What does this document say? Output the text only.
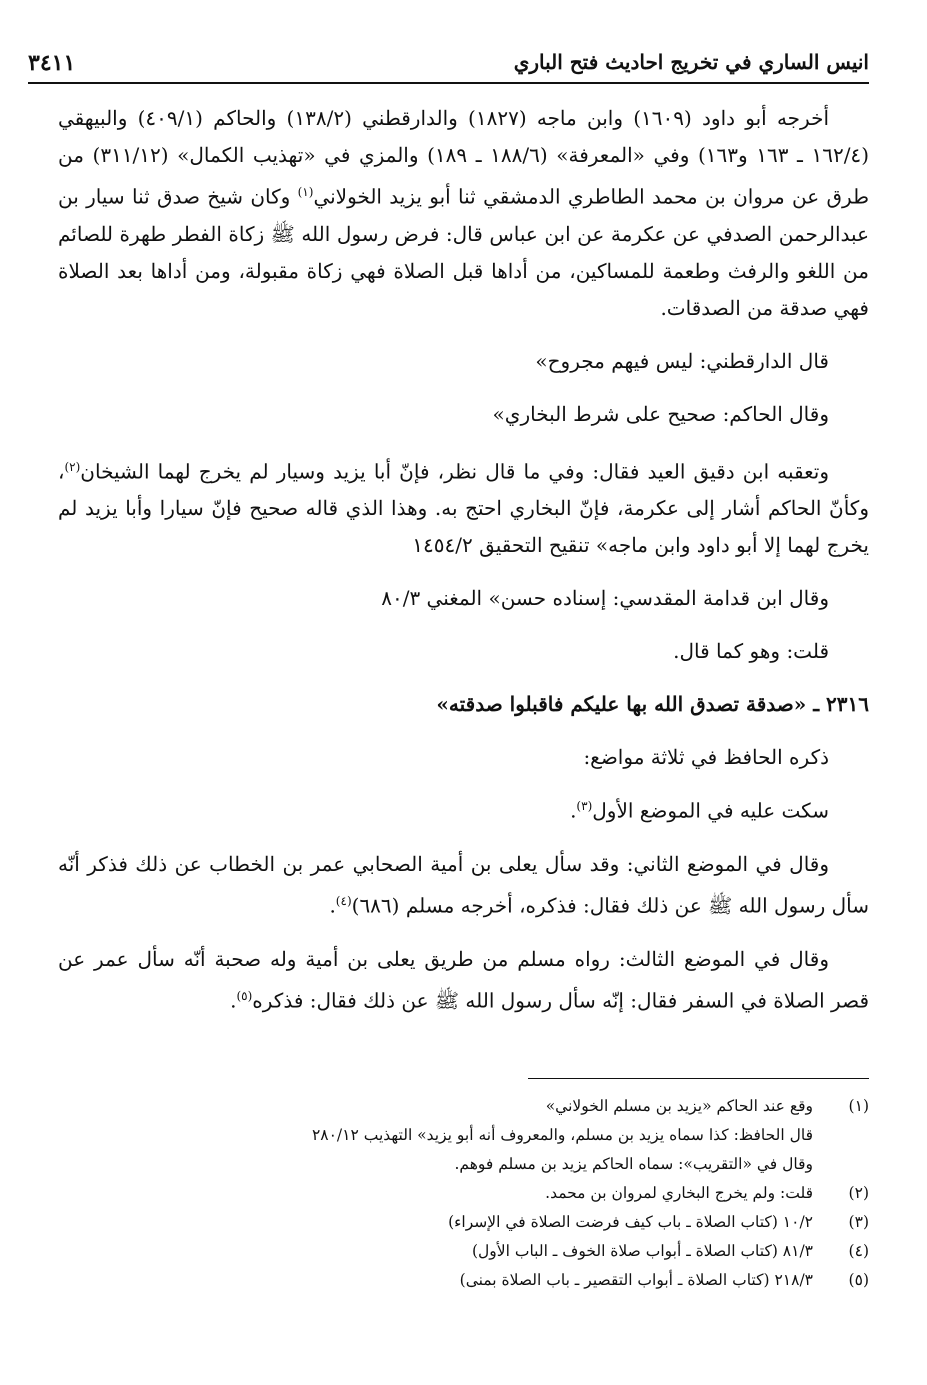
انيس الساري في تخريج احاديث فتح الباري
٣٤١١

أخرجه أبو داود (١٦٠٩) وابن ماجه (١٨٢٧) والدارقطني (١٣٨/٢) والحاكم (٤٠٩/١) والبيهقي (١٦٢/٤ ـ ١٦٣ و١٦٣) وفي «المعرفة» (١٨٨/٦ ـ ١٨٩) والمزي في «تهذيب الكمال» (٣١١/١٢) من طرق عن مروان بن محمد الطاطري الدمشقي ثنا أبو يزيد الخولاني$^{(١)}$ وكان شيخ صدق ثنا سيار بن عبدالرحمن الصدفي عن عكرمة عن ابن عباس قال: فرض رسول الله ﷺ زكاة الفطر طهرة للصائم من اللغو والرفث وطعمة للمساكين، من أداها قبل الصلاة فهي زكاة مقبولة، ومن أداها بعد الصلاة فهي صدقة من الصدقات.

قال الدارقطني: ليس فيهم مجروح»

وقال الحاكم: صحيح على شرط البخاري»

وتعقبه ابن دقيق العيد فقال: وفي ما قال نظر، فإنّ أبا يزيد وسيار لم يخرج لهما الشيخان$^{(٢)}$، وكأنّ الحاكم أشار إلى عكرمة، فإنّ البخاري احتج به. وهذا الذي قاله صحيح فإنّ سيارا وأبا يزيد لم يخرج لهما إلا أبو داود وابن ماجه» تنقيح التحقيق ١٤٥٤/٢

وقال ابن قدامة المقدسي: إسناده حسن» المغني ٨٠/٣

قلت: وهو كما قال.

٢٣١٦ ـ «صدقة تصدق الله بها عليكم فاقبلوا صدقته»

ذكره الحافظ في ثلاثة مواضع:

سكت عليه في الموضع الأول$^{(٣)}$.

وقال في الموضع الثاني: وقد سأل يعلى بن أمية الصحابي عمر بن الخطاب عن ذلك فذكر أنّه سأل رسول الله ﷺ عن ذلك فقال: فذكره، أخرجه مسلم (٦٨٦)$^{(٤)}$.

وقال في الموضع الثالث: رواه مسلم من طريق يعلى بن أمية وله صحبة أنّه سأل عمر عن قصر الصلاة في السفر فقال: إنّه سأل رسول الله ﷺ عن ذلك فقال: فذكره$^{(٥)}$.

(١)
وقع عند الحاكم «يزيد بن مسلم الخولاني»
قال الحافظ: كذا سماه يزيد بن مسلم، والمعروف أنه أبو يزيد» التهذيب ٢٨٠/١٢
وقال في «التقريب»: سماه الحاكم يزيد بن مسلم فوهم.
(٢)
قلت: ولم يخرج البخاري لمروان بن محمد.
(٣)
١٠/٢ (كتاب الصلاة ـ باب كيف فرضت الصلاة في الإسراء)
(٤)
٨١/٣ (كتاب الصلاة ـ أبواب صلاة الخوف ـ الباب الأول)
(٥)
٢١٨/٣ (كتاب الصلاة ـ أبواب التقصير ـ باب الصلاة بمنى)
